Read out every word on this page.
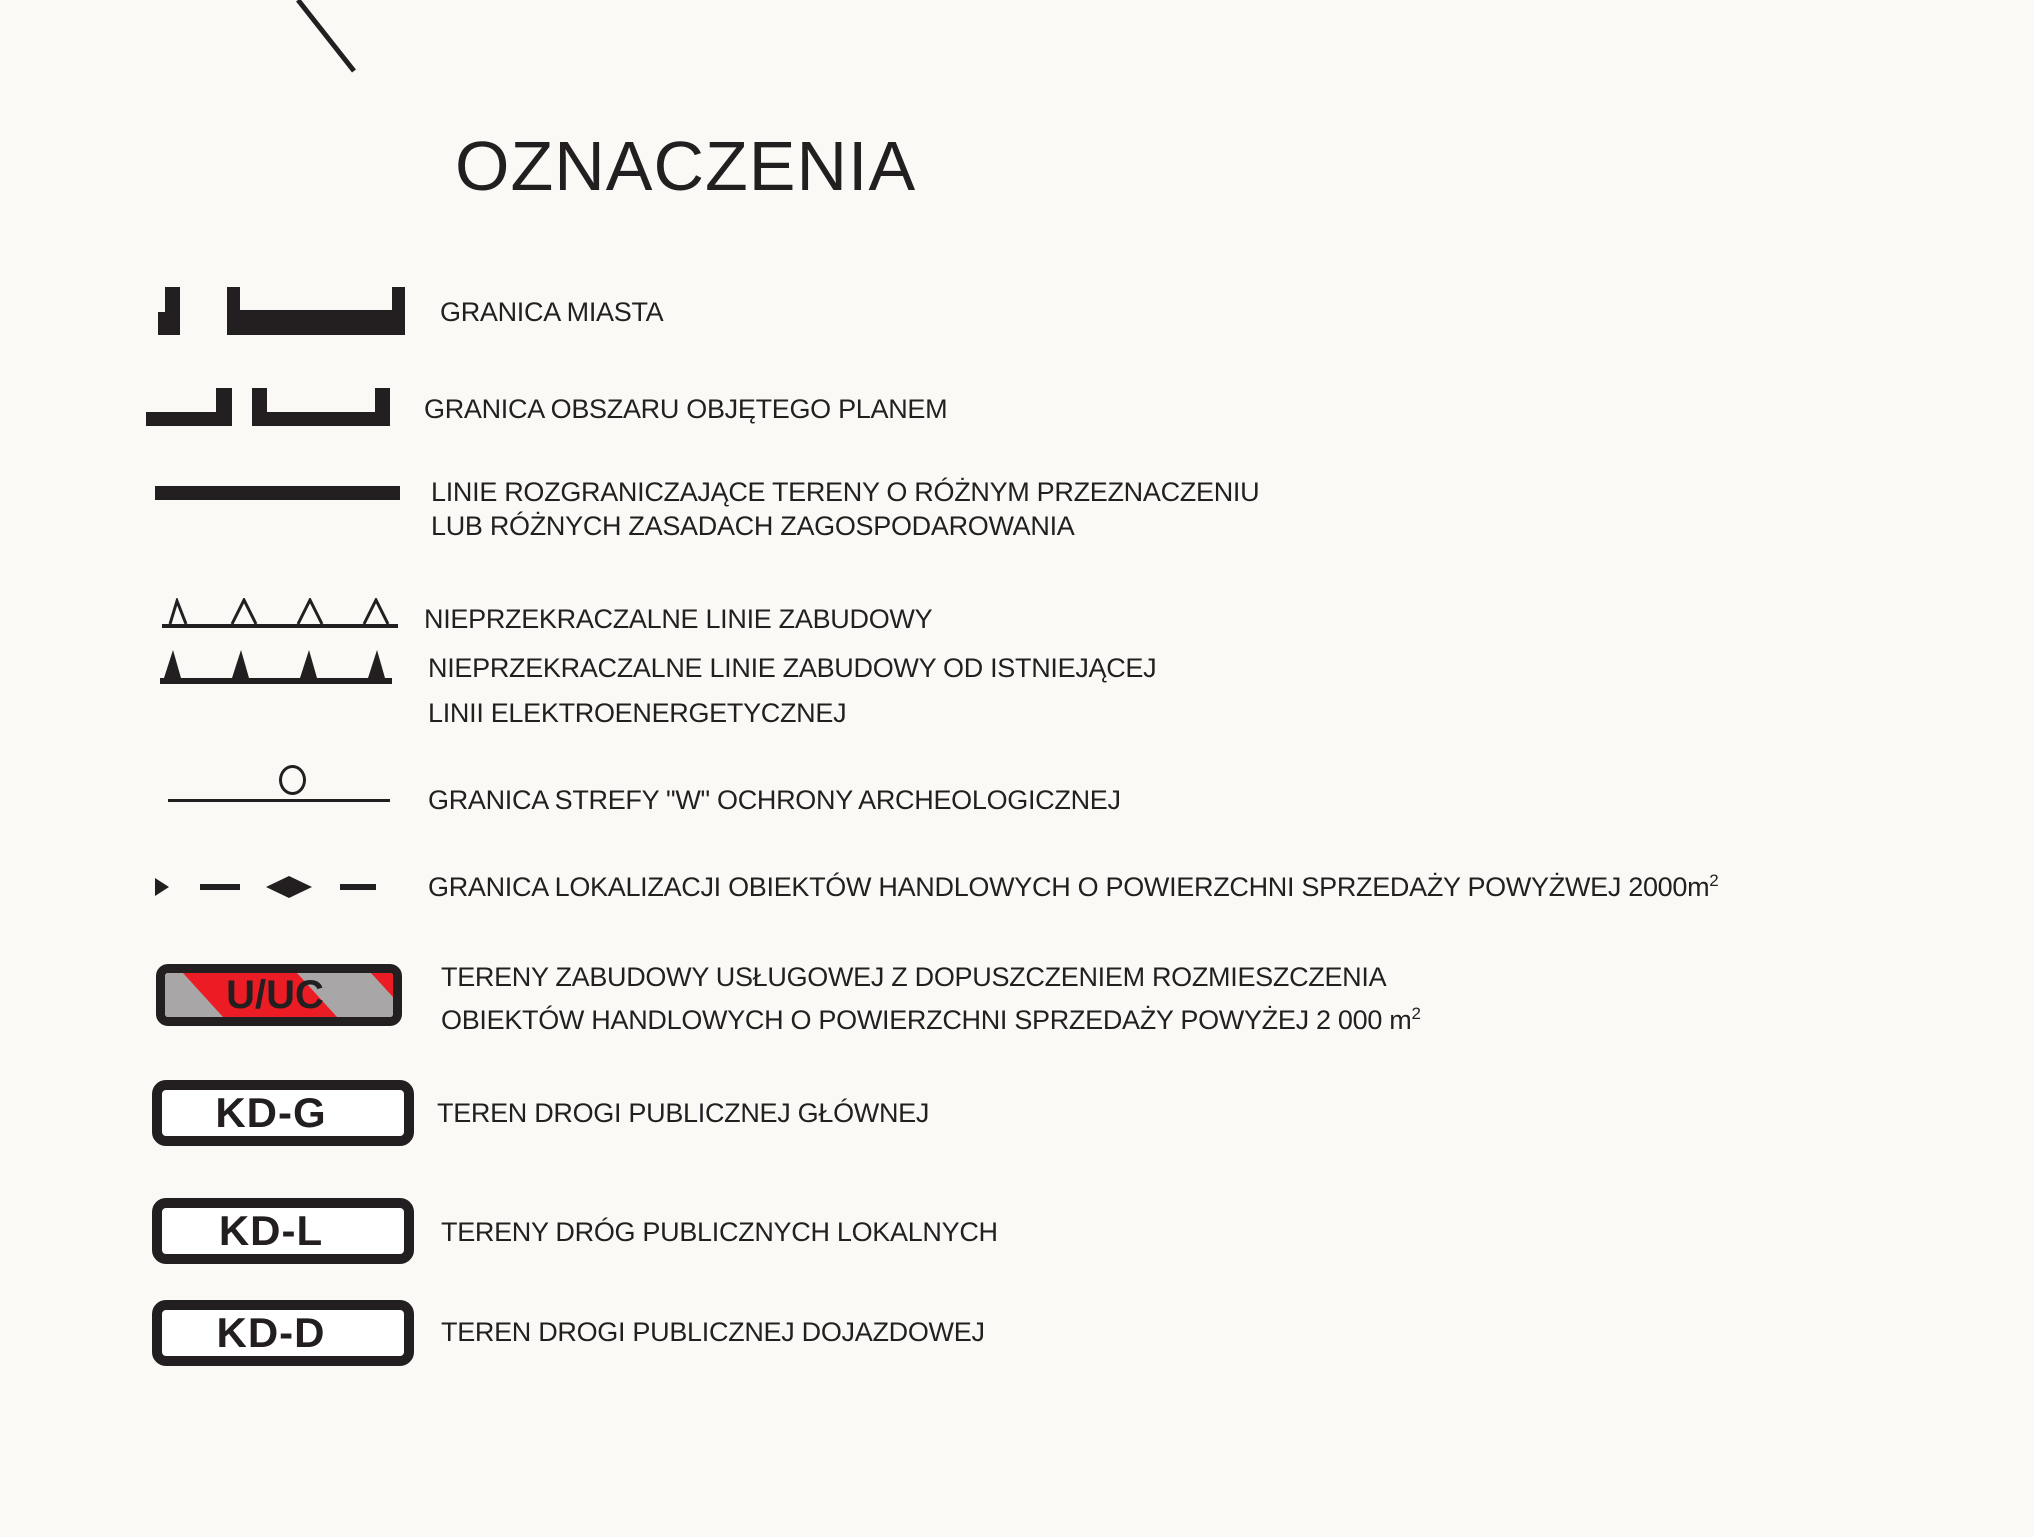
OZNACZENIA
GRANICA MIASTA
GRANICA OBSZARU OBJĘTEGO PLANEM
LINIE ROZGRANICZAJĄCE TERENY O RÓŻNYM PRZEZNACZENIU
LUB RÓŻNYCH ZASADACH ZAGOSPODAROWANIA
NIEPRZEKRACZALNE LINIE ZABUDOWY
NIEPRZEKRACZALNE LINIE ZABUDOWY OD ISTNIEJĄCEJ
LINII ELEKTROENERGETYCZNEJ
GRANICA STREFY "W" OCHRONY ARCHEOLOGICZNEJ
GRANICA LOKALIZACJI OBIEKTÓW HANDLOWYCH O POWIERZCHNI SPRZEDAŻY POWYŻWEJ $2000m^2$
U/UC	TERENY ZABUDOWY USŁUGOWEJ Z DOPUSZCZENIEM ROZMIESZCZENIA
OBIEKTÓW HANDLOWYCH O POWIERZCHNI SPRZEDAŻY POWYŻEJ 2 000 $m^2$
KD-G	TEREN DROGI PUBLICZNEJ GŁÓWNEJ
KD-L	TERENY DRÓG PUBLICZNYCH LOKALNYCH
KD-D	TEREN DROGI PUBLICZNEJ DOJAZDOWEJ
